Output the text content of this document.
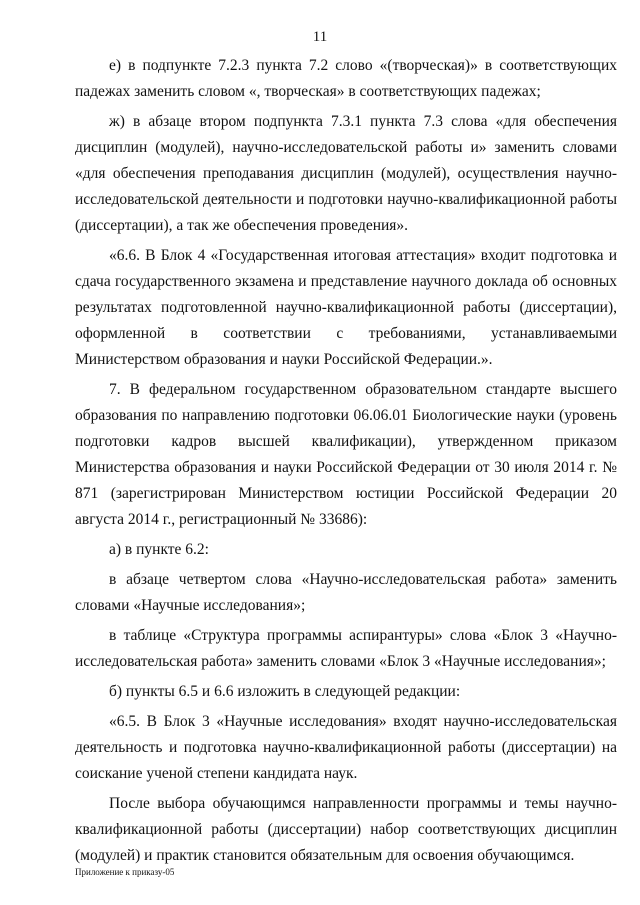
11

е) в подпункте 7.2.3 пункта 7.2 слово «(творческая)» в соответствующих падежах заменить словом «, творческая» в соответствующих падежах;

ж) в абзаце втором подпункта 7.3.1 пункта 7.3 слова «для обеспечения дисциплин (модулей), научно-исследовательской работы и» заменить словами «для обеспечения преподавания дисциплин (модулей), осуществления научно-исследовательской деятельности и подготовки научно-квалификационной работы (диссертации), а так же обеспечения проведения».

«6.6. В Блок 4 «Государственная итоговая аттестация» входит подготовка и сдача государственного экзамена и представление научного доклада об основных результатах подготовленной научно-квалификационной работы (диссертации), оформленной в соответствии с требованиями, устанавливаемыми Министерством образования и науки Российской Федерации.».

7. В федеральном государственном образовательном стандарте высшего образования по направлению подготовки 06.06.01 Биологические науки (уровень подготовки кадров высшей квалификации), утвержденном приказом Министерства образования и науки Российской Федерации от 30 июля 2014 г. № 871 (зарегистрирован Министерством юстиции Российской Федерации 20 августа 2014 г., регистрационный № 33686):

а) в пункте 6.2:

в абзаце четвертом слова «Научно-исследовательская работа» заменить словами «Научные исследования»;

в таблице «Структура программы аспирантуры» слова «Блок 3 «Научно-исследовательская работа» заменить словами «Блок 3 «Научные исследования»;

б) пункты 6.5 и 6.6 изложить в следующей редакции:

«6.5. В Блок 3 «Научные исследования» входят научно-исследовательская деятельность и подготовка научно-квалификационной работы (диссертации) на соискание ученой степени кандидата наук.

После выбора обучающимся направленности программы и темы научно-квалификационной работы (диссертации) набор соответствующих дисциплин (модулей) и практик становится обязательным для освоения обучающимся.

Приложение к приказу-05
